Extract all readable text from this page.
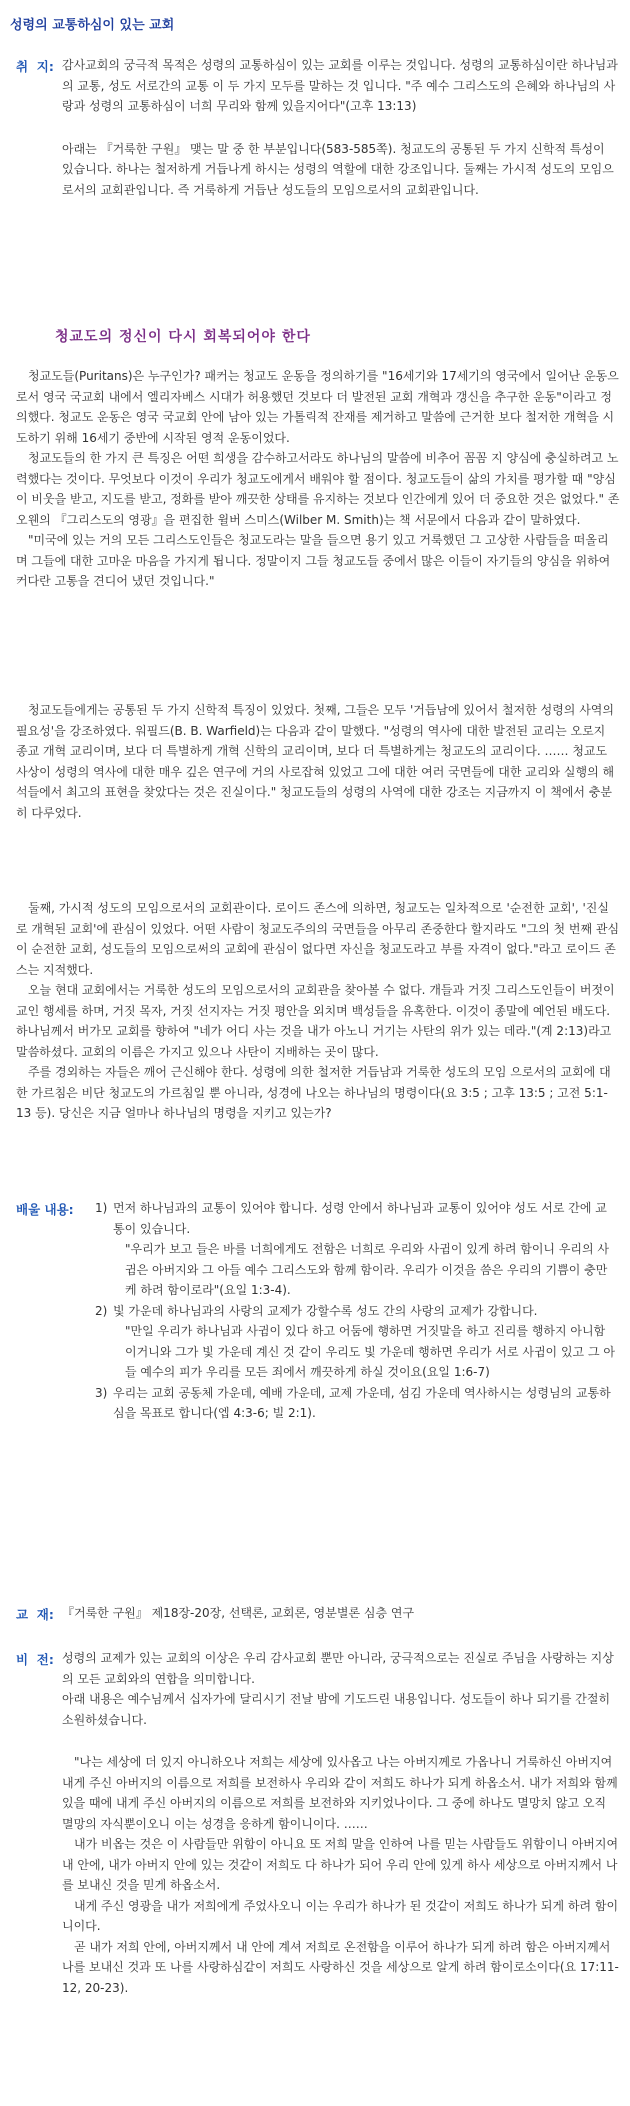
성령의 교통하심이 있는 교회
취  지: 감사교회의 궁극적 목적은 성령의 교통하심이 있는 교회를 이루는 것입니다. 성령의 교통하심이란 하나님과의 교통, 성도 서로간의 교통 이 두 가지 모두를 말하는 것 입니다. "주 예수 그리스도의 은혜와 하나님의 사랑과 성령의 교통하심이 너희 무리와 함께 있을지어다"(고후 13:13)

아래는 『거룩한 구원』 맺는 말 중 한 부분입니다(583-585쪽). 청교도의 공통된 두 가지 신학적 특성이 있습니다. 하나는 철저하게 거듭나게 하시는 성령의 역할에 대한 강조입니다. 둘째는 가시적 성도의 모임으로서의 교회관입니다. 즉 거룩하게 거듭난 성도들의 모임으로서의 교회관입니다.

청교도의 정신이 다시 회복되어야 한다

청교도들(Puritans)은 누구인가? 패커는 청교도 운동을 정의하기를 "16세기와 17세기의 영국에서 일어난 운동으로서 영국 국교회 내에서 엘리자베스 시대가 허용했던 것보다 더 발전된 교회 개혁과 갱신을 추구한 운동"이라고 정의했다. 청교도 운동은 영국 국교회 안에 남아 있는 가톨릭적 잔재를 제거하고 말씀에 근거한 보다 철저한 개혁을 시도하기 위해 16세기 중반에 시작된 영적 운동이었다.

청교도들의 한 가지 큰 특징은 어떤 희생을 감수하고서라도 하나님의 말씀에 비추어 꼼꼼 지 양심에 충실하려고 노력했다는 것이다. 무엇보다 이것이 우리가 청교도에게서 배워야 할 점이다. 청교도들이 삶의 가치를 평가할 때 "양심이 비웃을 받고, 지도를 받고, 정화를 받아 깨끗한 상태를 유지하는 것보다 인간에게 있어 더 중요한 것은 없었다." 존 오웬의 『그리스도의 영광』을 편집한 윌버 스미스(Wilber M. Smith)는 책 서문에서 다음과 같이 말하였다.

"미국에 있는 거의 모든 그리스도인들은 청교도라는 말을 들으면 용기 있고 거룩했던 그 고상한 사람들을 떠올리며 그들에 대한 고마운 마음을 가지게 됩니다. 정말이지 그들 청교도들 중에서 많은 이들이 자기들의 양심을 위하여 커다란 고통을 견디어 냈던 것입니다."

청교도들에게는 공통된 두 가지 신학적 특징이 있었다. 첫째, 그들은 모두 '거듭남에 있어서 철저한 성령의 사역의 필요성'을 강조하였다. 워필드(B. B. Warfield)는 다음과 같이 말했다. "성령의 역사에 대한 발전된 교리는 오로지 종교 개혁 교리이며, 보다 더 특별하게 개혁 신학의 교리이며, 보다 더 특별하게는 청교도의 교리이다. …… 청교도 사상이 성령의 역사에 대한 매우 깊은 연구에 거의 사로잡혀 있었고 그에 대한 여러 국면들에 대한 교리와 실행의 해석들에서 최고의 표현을 찾았다는 것은 진실이다." 청교도들의 성령의 사역에 대한 강조는 지금까지 이 책에서 충분히 다루었다.

둘째, 가시적 성도의 모임으로서의 교회관이다. 로이드 존스에 의하면, 청교도는 일차적으로 '순전한 교회', '진실로 개혁된 교회'에 관심이 있었다. 어떤 사람이 청교도주의의 국면들을 아무리 존중한다 할지라도 "그의 첫 번째 관심이 순전한 교회, 성도들의 모임으로써의 교회에 관심이 없다면 자신을 청교도라고 부를 자격이 없다."라고 로이드 존스는 지적했다.

오늘 현대 교회에서는 거룩한 성도의 모임으로서의 교회관을 찾아볼 수 없다. 개들과 거짓 그리스도인들이 버젓이 교인 행세를 하며, 거짓 목자, 거짓 선지자는 거짓 평안을 외치며 백성들을 유혹한다. 이것이 종말에 예언된 배도다. 하나님께서 버가모 교회를 향하여 "네가 어디 사는 것을 내가 아노니 거기는 사탄의 위가 있는 데라."(계 2:13)라고 말씀하셨다. 교회의 이름은 가지고 있으나 사탄이 지배하는 곳이 많다.

주를 경외하는 자들은 깨어 근신해야 한다. 성령에 의한 철저한 거듭남과 거룩한 성도의 모임 으로서의 교회에 대한 가르침은 비단 청교도의 가르침일 뿐 아니라, 성경에 나오는 하나님의 명령이다(요 3:5 ; 고후 13:5 ; 고전 5:1-13 등). 당신은 지금 얼마나 하나님의 명령을 지키고 있는가?

배울 내용: 1) 먼저 하나님과의 교통이 있어야 합니다. 성령 안에서 하나님과 교통이 있어야 성도 서로 간에 교통이 있습니다.

"우리가 보고 들은 바를 너희에게도 전함은 너희로 우리와 사귐이 있게 하려 함이니 우리의 사귐은 아버지와 그 아들 예수 그리스도와 함께 함이라. 우리가 이것을 씀은 우리의 기쁨이 충만케 하려 함이로라"(요일 1:3-4).

2) 빛 가운데 하나님과의 사랑의 교제가 강할수록 성도 간의 사랑의 교제가 강합니다.

"만일 우리가 하나님과 사귐이 있다 하고 어둠에 행하면 거짓말을 하고 진리를 행하지 아니함이거니와 그가 빛 가운데 계신 것 같이 우리도 빛 가운데 행하면 우리가 서로 사귐이 있고 그 아들 예수의 피가 우리를 모든 죄에서 깨끗하게 하실 것이요(요일 1:6-7)

3) 우리는 교회 공동체 가운데, 예배 가운데, 교제 가운데, 섬김 가운데 역사하시는 성령님의 교통하심을 목표로 합니다(엡 4:3-6; 빌 2:1).

교  재: 『거룩한 구원』 제18장-20장, 선택론, 교회론, 영분별론 심층 연구
비  전: 성령의 교제가 있는 교회의 이상은 우리 감사교회 뿐만 아니라, 궁극적으로는 진실로 주님을 사랑하는 지상의 모든 교회와의 연합을 의미합니다.

아래 내용은 예수님께서 십자가에 달리시기 전날 밤에 기도드린 내용입니다. 성도들이 하나 되기를 간절히 소원하셨습니다.

"나는 세상에 더 있지 아니하오나 저희는 세상에 있사옵고 나는 아버지께로 가옵나니 거룩하신 아버지여 내게 주신 아버지의 이름으로 저희를 보전하사 우리와 같이 저희도 하나가 되게 하옵소서. 내가 저희와 함께 있을 때에 내게 주신 아버지의 이름으로 저희를 보전하와 지키었나이다. 그 중에 하나도 멸망치 않고 오직 멸망의 자식뿐이오니 이는 성경을 응하게 함이니이다. ……

내가 비옵는 것은 이 사람들만 위함이 아니요 또 저희 말을 인하여 나를 믿는 사람들도 위함이니 아버지여 내 안에, 내가 아버지 안에 있는 것같이 저희도 다 하나가 되어 우리 안에 있게 하사 세상으로 아버지께서 나를 보내신 것을 믿게 하옵소서.

내게 주신 영광을 내가 저희에게 주었사오니 이는 우리가 하나가 된 것같이 저희도 하나가 되게 하려 함이니이다.

곧 내가 저희 안에, 아버지께서 내 안에 계셔 저희로 온전함을 이루어 하나가 되게 하려 함은 아버지께서 나를 보내신 것과 또 나를 사랑하심같이 저희도 사랑하신 것을 세상으로 알게 하려 함이로소이다(요 17:11-12, 20-23).
